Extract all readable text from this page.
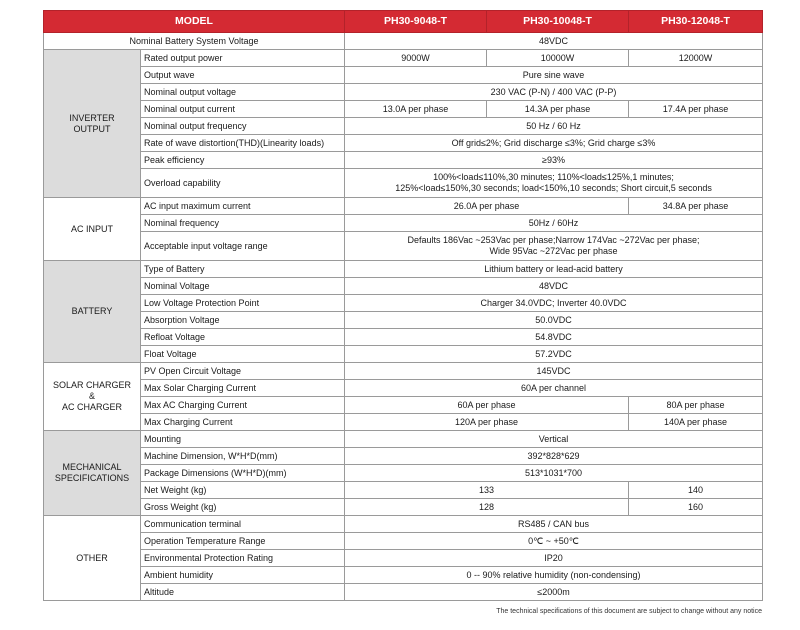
MODEL		PH30-9048-T	PH30-10048-T	PH30-12048-T
Nominal Battery System Voltage		48VDC		

INVERTER
OUTPUT	Rated output power	9000W	10000W	12000W
	Output wave	Pure sine wave		
	Nominal output voltage	230 VAC (P-N) / 400 VAC (P-P)		
	Nominal output current	13.0A per phase	14.3A per phase	17.4A per phase
	Nominal output frequency	50 Hz / 60 Hz		
	Rate of wave distortion(THD)(Linearity loads)	Off grid≤2%; Grid discharge ≤3%; Grid charge ≤3%		
	Peak efficiency	≥93%		
	Overload capability	100%<load≤110%,30 minutes; 110%<load≤125%,1 minutes;
125%<load≤150%,30 seconds; load<150%,10 seconds; Short circuit,5 seconds		

AC INPUT	AC input maximum current	26.0A per phase		34.8A per phase
	Nominal frequency	50Hz / 60Hz		
	Acceptable input voltage range	Defaults 186Vac ~253Vac per phase;Narrow 174Vac ~272Vac per phase;
Wide 95Vac ~272Vac per phase		

BATTERY	Type of Battery	Lithium battery or lead-acid battery		
	Nominal Voltage	48VDC		
	Low Voltage Protection Point	Charger 34.0VDC; Inverter 40.0VDC		
	Absorption Voltage	50.0VDC		
	Refloat Voltage	54.8VDC		
	Float Voltage	57.2VDC		

SOLAR CHARGER
&
AC CHARGER	PV Open Circuit Voltage	145VDC		
	Max Solar Charging Current	60A per channel		
	Max AC Charging Current	60A per phase		80A per phase
	Max Charging Current	120A per phase		140A per phase

MECHANICAL
SPECIFICATIONS	Mounting	Vertical		
	Machine Dimension, W*H*D(mm)	392*828*629		
	Package Dimensions (W*H*D)(mm)	513*1031*700		
	Net Weight (kg)	133		140
	Gross Weight (kg)	128		160
OTHER	Communication terminal	RS485 / CAN bus		
	Operation Temperature Range	0℃ ~ +50℃		
	Environmental Protection Rating	IP20		
	Ambient humidity	0 -- 90% relative humidity (non-condensing)		
	Altitude	≤2000m		
The technical specifications of this document are subject to change without any notice
